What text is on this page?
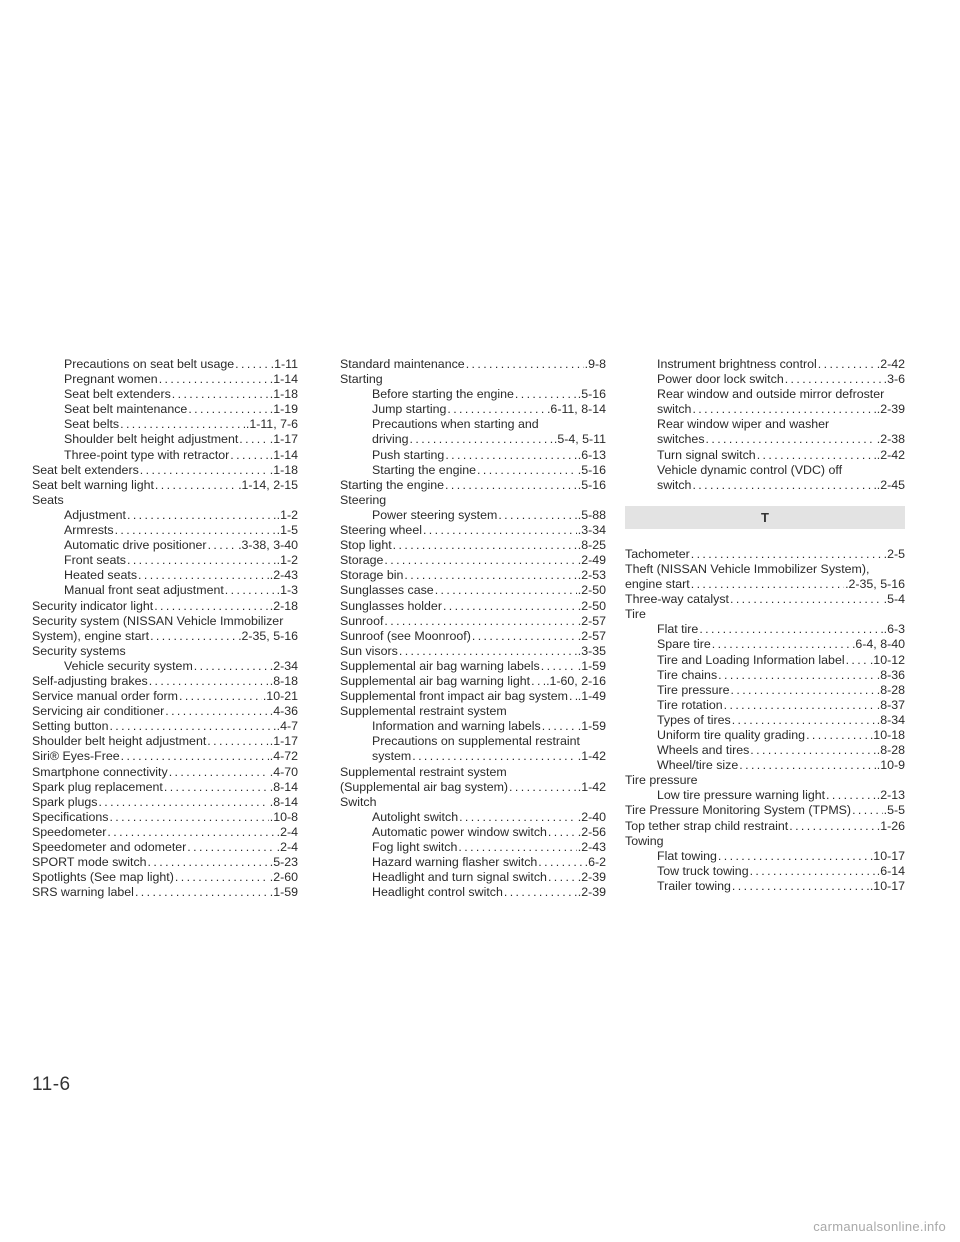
Precautions on seat belt usage .....	.1-11
Pregnant women .....	.1-14
Seat belt extenders .....	.1-18
Seat belt maintenance .....	.1-19
Seat belts .....	.1-11, 7-6
Shoulder belt height adjustment .....	.1-17
Three-point type with retractor .....	.1-14
Seat belt extenders .....	.1-18
Seat belt warning light .....	.1-14, 2-15
Seats
Adjustment .....	.1-2
Armrests .....	.1-5
Automatic drive positioner .....	.3-38, 3-40
Front seats .....	.1-2
Heated seats .....	.2-43
Manual front seat adjustment .....	.1-3
Security indicator light .....	.2-18
Security system (NISSAN Vehicle Immobilizer
System), engine start .....	.2-35, 5-16
Security systems
Vehicle security system .....	.2-34
Self-adjusting brakes .....	.8-18
Service manual order form .....	.10-21
Servicing air conditioner .....	.4-36
Setting button .....	.4-7
Shoulder belt height adjustment .....	.1-17
Siri® Eyes-Free .....	.4-72
Smartphone connectivity .....	.4-70
Spark plug replacement .....	.8-14
Spark plugs .....	.8-14
Specifications .....	.10-8
Speedometer .....	.2-4
Speedometer and odometer .....	.2-4
SPORT mode switch .....	.5-23
Spotlights (See map light) .....	.2-60
SRS warning label .....	.1-59
Standard maintenance .....	.9-8
Starting
Before starting the engine .....	.5-16
Jump starting .....	.6-11, 8-14
Precautions when starting and
driving .....	.5-4, 5-11
Push starting .....	.6-13
Starting the engine .....	.5-16
Starting the engine .....	.5-16
Steering
Power steering system .....	.5-88
Steering wheel .....	.3-34
Stop light .....	.8-25
Storage .....	.2-49
Storage bin .....	.2-53
Sunglasses case .....	.2-50
Sunglasses holder .....	.2-50
Sunroof .....	.2-57
Sunroof (see Moonroof) .....	.2-57
Sun visors .....	.3-35
Supplemental air bag warning labels .....	.1-59
Supplemental air bag warning light ..... .1-60, 2-16
Supplemental front impact air bag system ..... .1-49
Supplemental restraint system
Information and warning labels .....	.1-59
Precautions on supplemental restraint
system .....	.1-42
Supplemental restraint system
(Supplemental air bag system) .....	.1-42
Switch
Autolight switch .....	.2-40
Automatic power window switch ..... .2-56
Fog light switch .....	.2-43
Hazard warning flasher switch .....	.6-2
Headlight and turn signal switch ..... .2-39
Headlight control switch .....	.2-39
Instrument brightness control .....	.2-42
Power door lock switch .....	.3-6
Rear window and outside mirror defroster
switch .....	.2-39
Rear window wiper and washer
switches .....	.2-38
Turn signal switch .....	.2-42
Vehicle dynamic control (VDC) off
switch .....	.2-45
T
Tachometer .....	.2-5
Theft (NISSAN Vehicle Immobilizer System),
engine start .....	.2-35, 5-16
Three-way catalyst .....	.5-4
Tire
Flat tire .....	.6-3
Spare tire .....	.6-4, 8-40
Tire and Loading Information label ..... .10-12
Tire chains .....	.8-36
Tire pressure .....	.8-28
Tire rotation .....	.8-37
Types of tires .....	.8-34
Uniform tire quality grading .....	.10-18
Wheels and tires .....	.8-28
Wheel/tire size .....	.10-9
Tire pressure
Low tire pressure warning light .....	.2-13
Tire Pressure Monitoring System (TPMS) .....	.5-5
Top tether strap child restraint .....	.1-26
Towing
Flat towing .....	.10-17
Tow truck towing .....	.6-14
Trailer towing .....	.10-17
11-6
carmanualsonline.info
